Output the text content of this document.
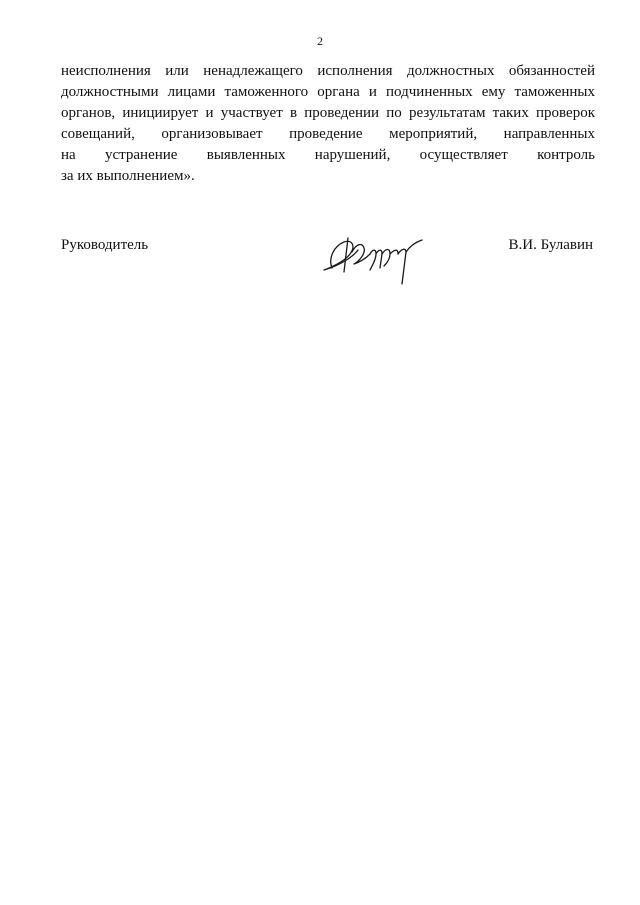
2
неисполнения или ненадлежащего исполнения должностных обязанностей
должностными лицами таможенного органа и подчиненных ему таможенных
органов, инициирует и участвует в проведении по результатам таких проверок
совещаний, организовывает проведение мероприятий, направленных
на устранение выявленных нарушений, осуществляет контроль
за их выполнением».
Руководитель	В.И. Булавин
